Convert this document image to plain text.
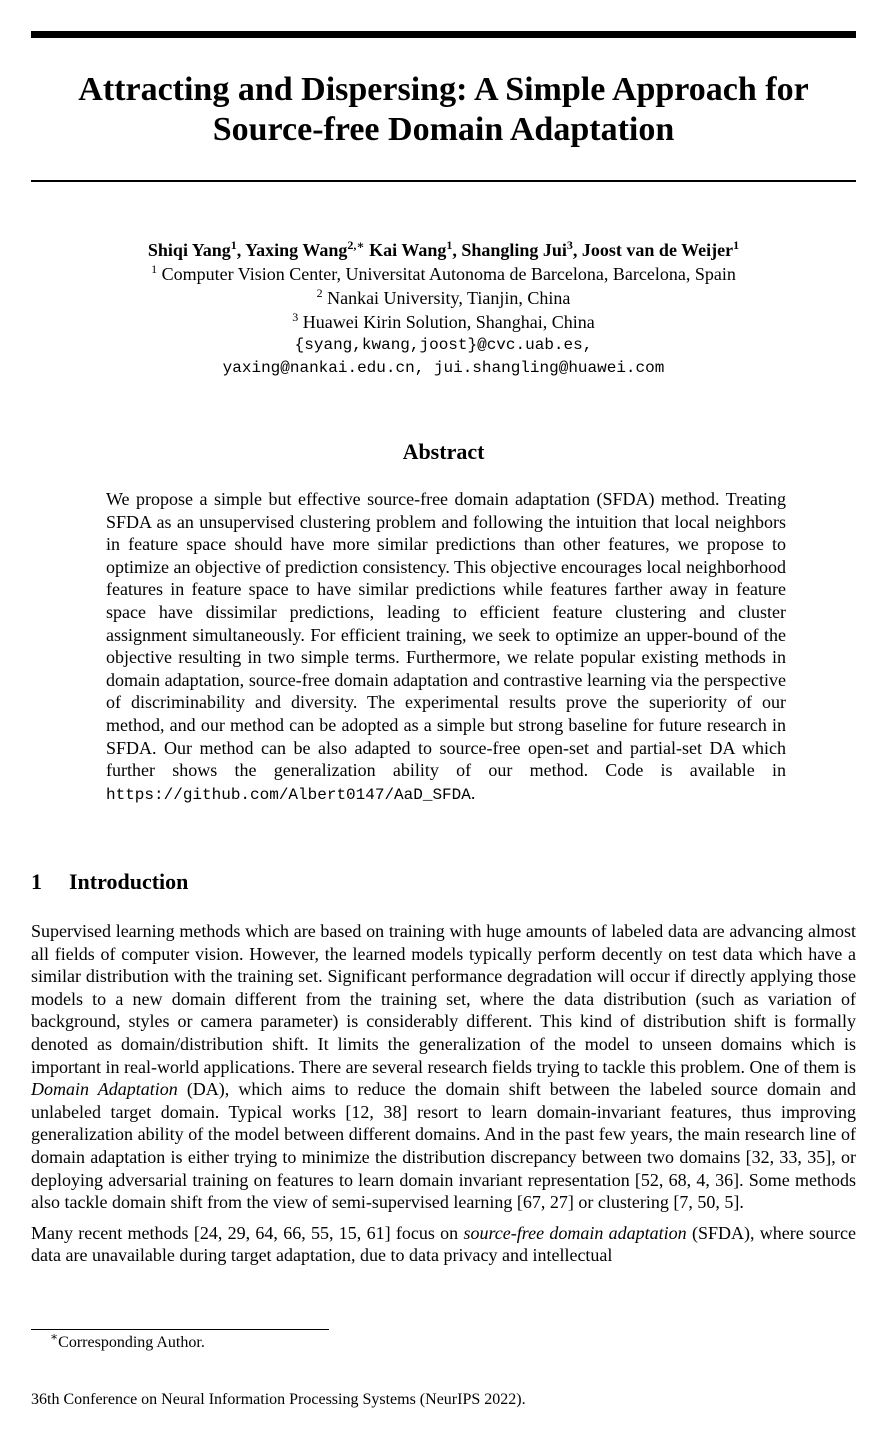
Attracting and Dispersing: A Simple Approach for
Source-free Domain Adaptation
Shiqi Yang$^1$, Yaxing Wang$^{2,∗}$ Kai Wang$^1$, Shangling Jui$^3$, Joost van de Weijer$^1$
$^1$ Computer Vision Center, Universitat Autonoma de Barcelona, Barcelona, Spain
$^2$ Nankai University, Tianjin, China
$^3$ Huawei Kirin Solution, Shanghai, China
{syang,kwang,joost}@cvc.uab.es,
yaxing@nankai.edu.cn, jui.shangling@huawei.com
Abstract
We propose a simple but effective source-free domain adaptation (SFDA) method. Treating SFDA as an unsupervised clustering problem and following the intuition that local neighbors in feature space should have more similar predictions than other features, we propose to optimize an objective of prediction consistency. This objective encourages local neighborhood features in feature space to have similar predictions while features farther away in feature space have dissimilar predictions, leading to efficient feature clustering and cluster assignment simultaneously. For efficient training, we seek to optimize an upper-bound of the objective resulting in two simple terms. Furthermore, we relate popular existing methods in domain adaptation, source-free domain adaptation and contrastive learning via the perspective of discriminability and diversity. The experimental results prove the superiority of our method, and our method can be adopted as a simple but strong baseline for future research in SFDA. Our method can be also adapted to source-free open-set and partial-set DA which further shows the generalization ability of our method. Code is available in https://github.com/Albert0147/AaD_SFDA.
1 Introduction

Supervised learning methods which are based on training with huge amounts of labeled data are advancing almost all fields of computer vision. However, the learned models typically perform decently on test data which have a similar distribution with the training set. Significant performance degradation will occur if directly applying those models to a new domain different from the training set, where the data distribution (such as variation of background, styles or camera parameter) is considerably different. This kind of distribution shift is formally denoted as domain/distribution shift. It limits the generalization of the model to unseen domains which is important in real-world applications. There are several research fields trying to tackle this problem. One of them is Domain Adaptation (DA), which aims to reduce the domain shift between the labeled source domain and unlabeled target domain. Typical works [12, 38] resort to learn domain-invariant features, thus improving generalization ability of the model between different domains. And in the past few years, the main research line of domain adaptation is either trying to minimize the distribution discrepancy between two domains [32, 33, 35], or deploying adversarial training on features to learn domain invariant representation [52, 68, 4, 36]. Some methods also tackle domain shift from the view of semi-supervised learning [67, 27] or clustering [7, 50, 5].

Many recent methods [24, 29, 64, 66, 55, 15, 61] focus on source-free domain adaptation (SFDA), where source data are unavailable during target adaptation, due to data privacy and intellectual

∗Corresponding Author.
36th Conference on Neural Information Processing Systems (NeurIPS 2022).
